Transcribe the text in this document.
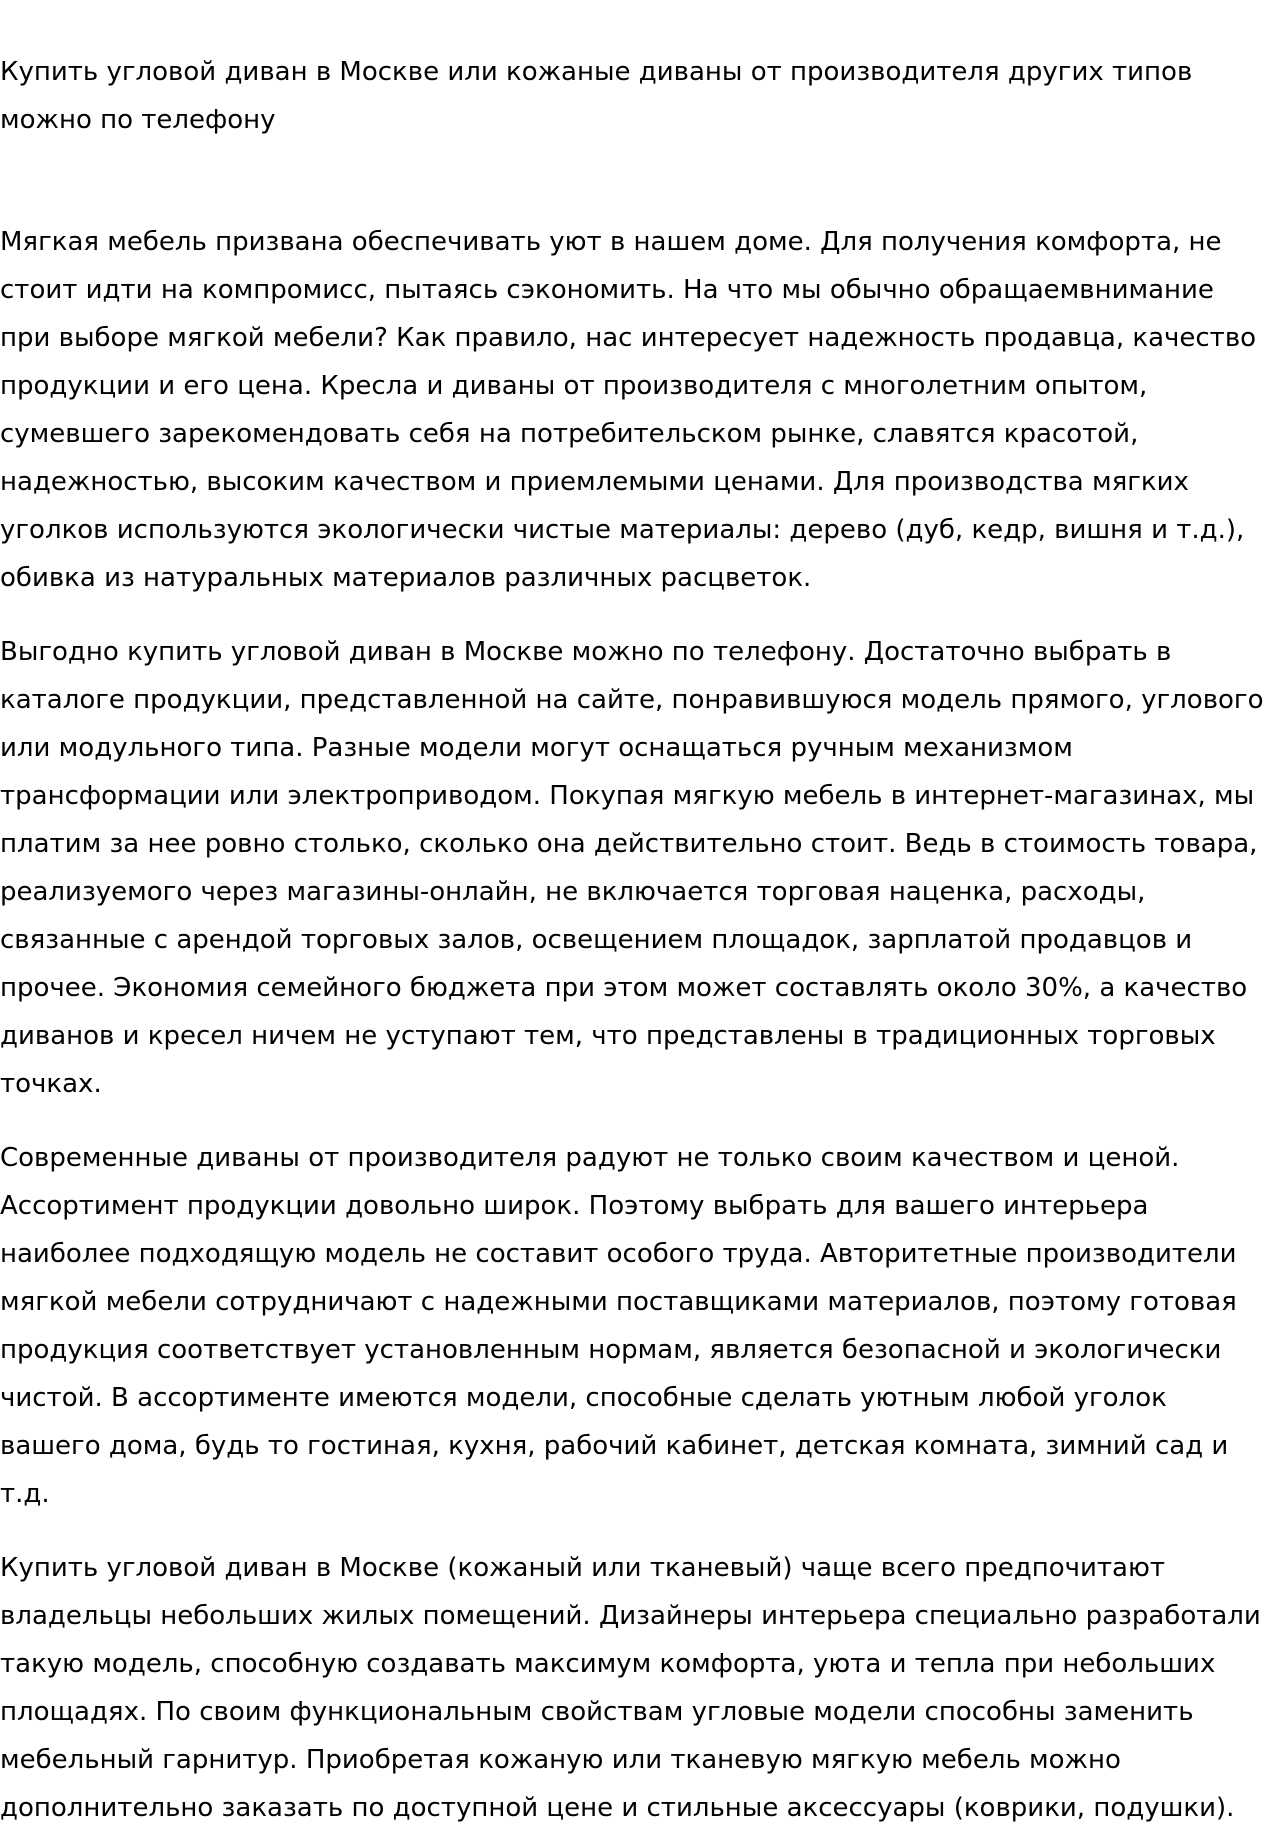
Купить угловой диван в Москве или кожаные диваны от производителя других типов можно по телефону

Мягкая мебель призвана обеспечивать уют в нашем доме. Для получения комфорта, не стоит идти на компромисс, пытаясь сэкономить. На что мы обычно обращаемвнимание при выборе мягкой мебели? Как правило, нас интересует надежность продавца, качество продукции и его цена. Кресла и диваны от производителя с многолетним опытом, сумевшего зарекомендовать себя на потребительском рынке, славятся красотой, надежностью, высоким качеством и приемлемыми ценами. Для производства мягких уголков используются экологически чистые материалы: дерево (дуб, кедр, вишня и т.д.), обивка из натуральных материалов различных расцветок.

Выгодно купить угловой диван в Москве можно по телефону. Достаточно выбрать в каталоге продукции, представленной на сайте, понравившуюся модель прямого, углового или модульного типа. Разные модели могут оснащаться ручным механизмом трансформации или электроприводом. Покупая мягкую мебель в интернет-магазинах, мы платим за нее ровно столько, сколько она действительно стоит. Ведь в стоимость товара, реализуемого через магазины-онлайн, не включается торговая наценка, расходы, связанные с арендой торговых залов, освещением площадок, зарплатой продавцов и прочее. Экономия семейного бюджета при этом может составлять около 30%, а качество диванов и кресел ничем не уступают тем, что представлены в традиционных торговых точках.

Современные диваны от производителя радуют не только своим качеством и ценой. Ассортимент продукции довольно широк. Поэтому выбрать для вашего интерьера наиболее подходящую модель не составит особого труда. Авторитетные производители мягкой мебели сотрудничают с надежными поставщиками материалов, поэтому готовая продукция соответствует установленным нормам, является безопасной и экологически чистой. В ассортименте имеются модели, способные сделать уютным любой уголок вашего дома, будь то гостиная, кухня, рабочий кабинет, детская комната, зимний сад и т.д.

Купить угловой диван в Москве (кожаный или тканевый) чаще всего предпочитают владельцы небольших жилых помещений. Дизайнеры интерьера специально разработали такую модель, способную создавать максимум комфорта, уюта и тепла при небольших площадях. По своим функциональным свойствам угловые модели способны заменить мебельный гарнитур. Приобретая кожаную или тканевую мягкую мебель можно дополнительно заказать по доступной цене и стильные аксессуары (коврики, подушки).
